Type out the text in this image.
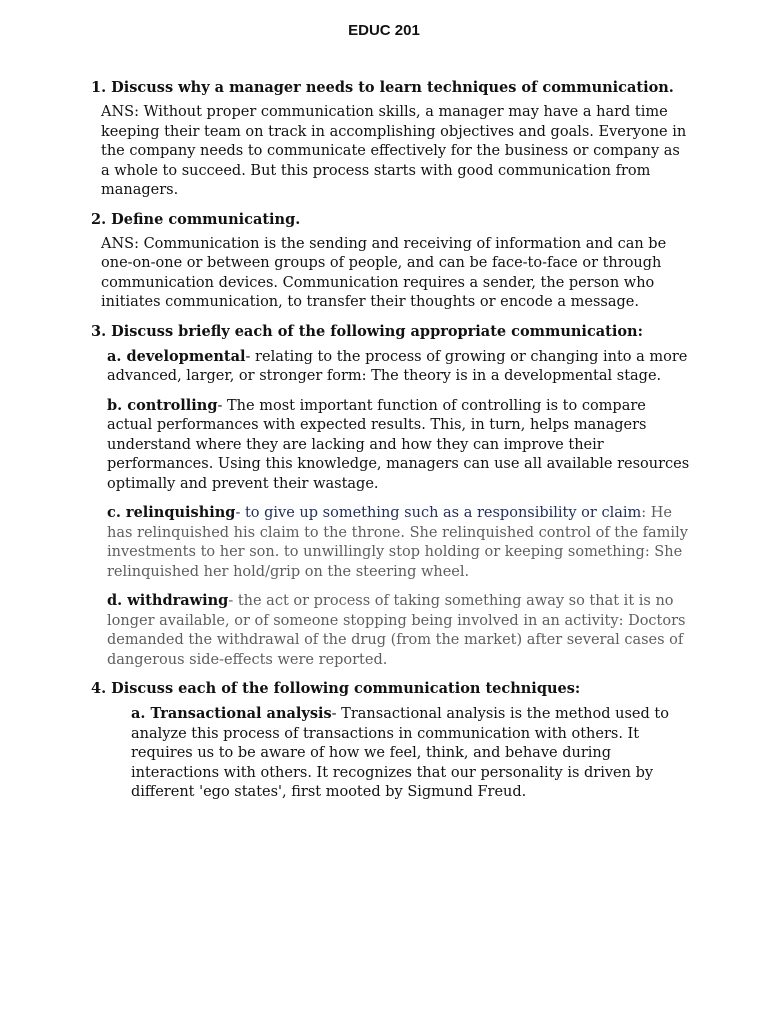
EDUC 201
1. Discuss why a manager needs to learn techniques of communication.
ANS: Without proper communication skills, a manager may have a hard time keeping their team on track in accomplishing objectives and goals. Everyone in the company needs to communicate effectively for the business or company as a whole to succeed. But this process starts with good communication from managers.
2. Define communicating.
ANS: Communication is the sending and receiving of information and can be one-on-one or between groups of people, and can be face-to-face or through communication devices. Communication requires a sender, the person who initiates communication, to transfer their thoughts or encode a message.
3. Discuss briefly each of the following appropriate communication:
a. developmental- relating to the process of growing or changing into a more advanced, larger, or stronger form: The theory is in a developmental stage.
b. controlling- The most important function of controlling is to compare actual performances with expected results. This, in turn, helps managers understand where they are lacking and how they can improve their performances. Using this knowledge, managers can use all available resources optimally and prevent their wastage.
c. relinquishing- to give up something such as a responsibility or claim: He has relinquished his claim to the throne. She relinquished control of the family investments to her son. to unwillingly stop holding or keeping something: She relinquished her hold/grip on the steering wheel.
d. withdrawing- the act or process of taking something away so that it is no longer available, or of someone stopping being involved in an activity: Doctors demanded the withdrawal of the drug (from the market) after several cases of dangerous side-effects were reported.
4. Discuss each of the following communication techniques:
a. Transactional analysis- Transactional analysis is the method used to analyze this process of transactions in communication with others. It requires us to be aware of how we feel, think, and behave during interactions with others. It recognizes that our personality is driven by different 'ego states', first mooted by Sigmund Freud.
